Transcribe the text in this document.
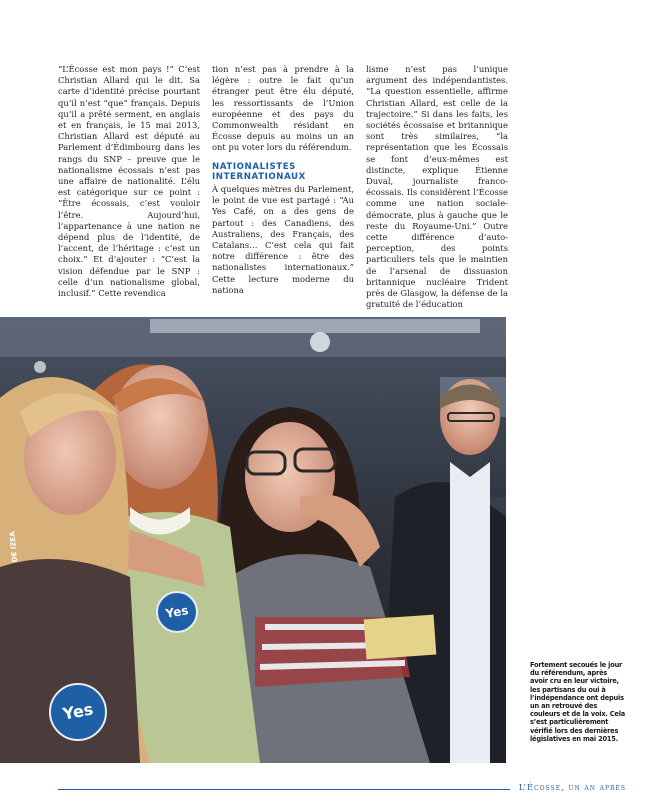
“L’Écosse est mon pays !” C’est Christian Allard qui le dit. Sa carte d’identité précise pourtant qu’il n’est “que” français. Depuis qu’il a prêté serment, en anglais et en français, le 15 mai 2013, Christian Allard est député au Parlement d’Édimbourg dans les rangs du SNP – preuve que le nationalisme écossais n’est pas une affaire de nationalité. L’élu est catégorique sur ce point : “Être écossais, c’est vouloir l’être. Aujourd’hui, l’appartenance à une nation ne dépend plus de l’identité, de l’accent, de l’héritage : c’est un choix.” Et d’ajouter : “C’est la vision défendue par le SNP : celle d’un nationalisme global, inclusif.” Cette revendica

tion n’est pas à prendre à la légère : outre le fait qu’un étranger peut être élu député, les ressortissants de l’Union européenne et des pays du Commonwealth résidant en Écosse depuis au moins un an ont pu voter lors du référendum.

NATIONALISTES INTERNATIONAUX

À quelques mètres du Parlement, le point de vue est partagé : “Au Yes Café, on a des gens de partout : des Canadiens, des Australiens, des Français, des Catalans… C’est cela qui fait notre différence : être des nationalistes internationaux.” Cette lecture moderne du nationa

lisme n’est pas l’unique argument des indépendantistes. “La question essentielle, affirme Christian Allard, est celle de la trajectoire.” Si dans les faits, les sociétés écossaise et britannique sont très similaires, “la représentation que les Écossais se font d’eux-mêmes est distincte, explique Étienne Duval, journaliste franco-écossais. Ils considèrent l’Écosse comme une nation sociale-démocrate, plus à gauche que le reste du Royaume-Uni.” Outre cette différence d’auto-perception, des points particuliers tels que le maintien de l’arsenal de dissuasion britannique nucléaire Trident près de Glasgow, la défense de la gratuité de l’éducation

Yes
Yes
DE IZEA
Fortement secoués le jour du référendum, après avoir cru en leur victoire, les partisans du oui à l’indépendance ont depuis un an retrouvé des couleurs et de la voix. Cela s’est particulièrement vérifié lors des dernières législatives en mai 2015.
L’Écosse, un an après
